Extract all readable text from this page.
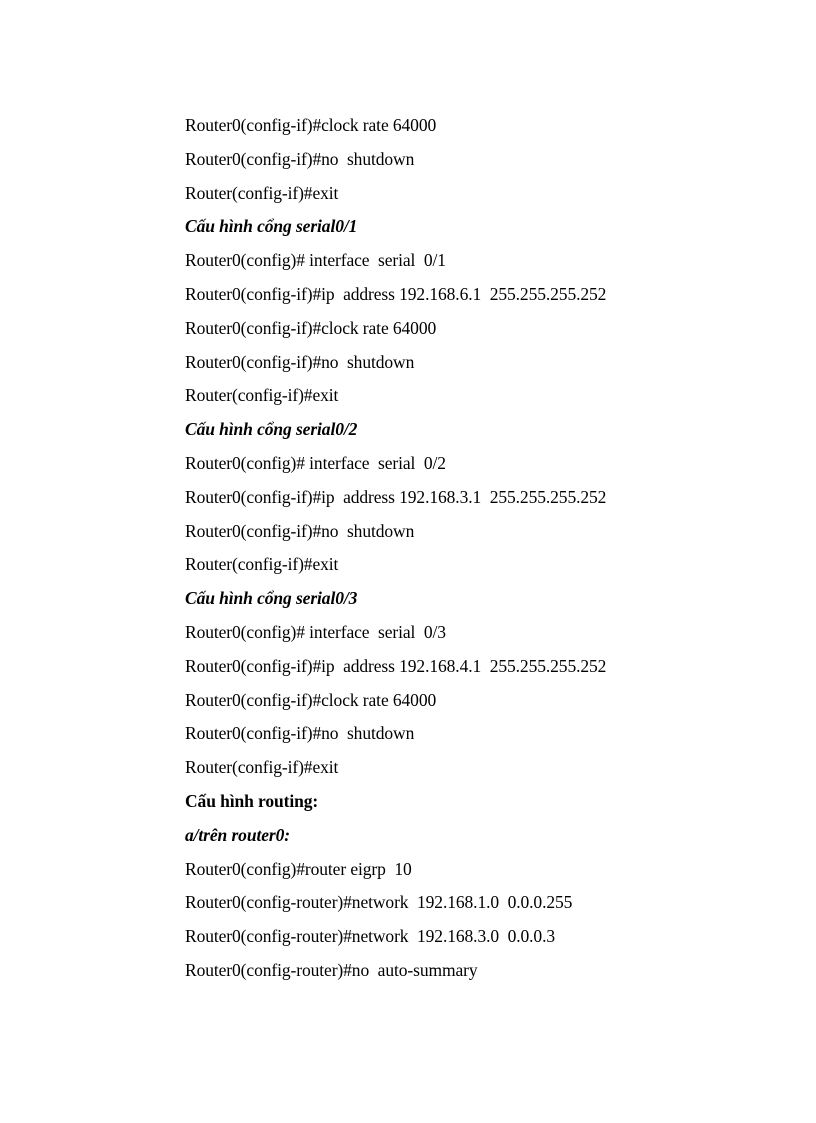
Router0(config-if)#clock rate 64000
Router0(config-if)#no  shutdown
Router(config-if)#exit
Cấu hình cổng serial0/1
Router0(config)# interface  serial  0/1
Router0(config-if)#ip  address 192.168.6.1  255.255.255.252
Router0(config-if)#clock rate 64000
Router0(config-if)#no  shutdown
Router(config-if)#exit
Cấu hình cổng serial0/2
Router0(config)# interface  serial  0/2
Router0(config-if)#ip  address 192.168.3.1  255.255.255.252
Router0(config-if)#no  shutdown
Router(config-if)#exit
Cấu hình cổng serial0/3
Router0(config)# interface  serial  0/3
Router0(config-if)#ip  address 192.168.4.1  255.255.255.252
Router0(config-if)#clock rate 64000
Router0(config-if)#no  shutdown
Router(config-if)#exit
Cấu hình routing:
a/trên router0:
Router0(config)#router eigrp  10
Router0(config-router)#network  192.168.1.0  0.0.0.255
Router0(config-router)#network  192.168.3.0  0.0.0.3
Router0(config-router)#no  auto-summary
